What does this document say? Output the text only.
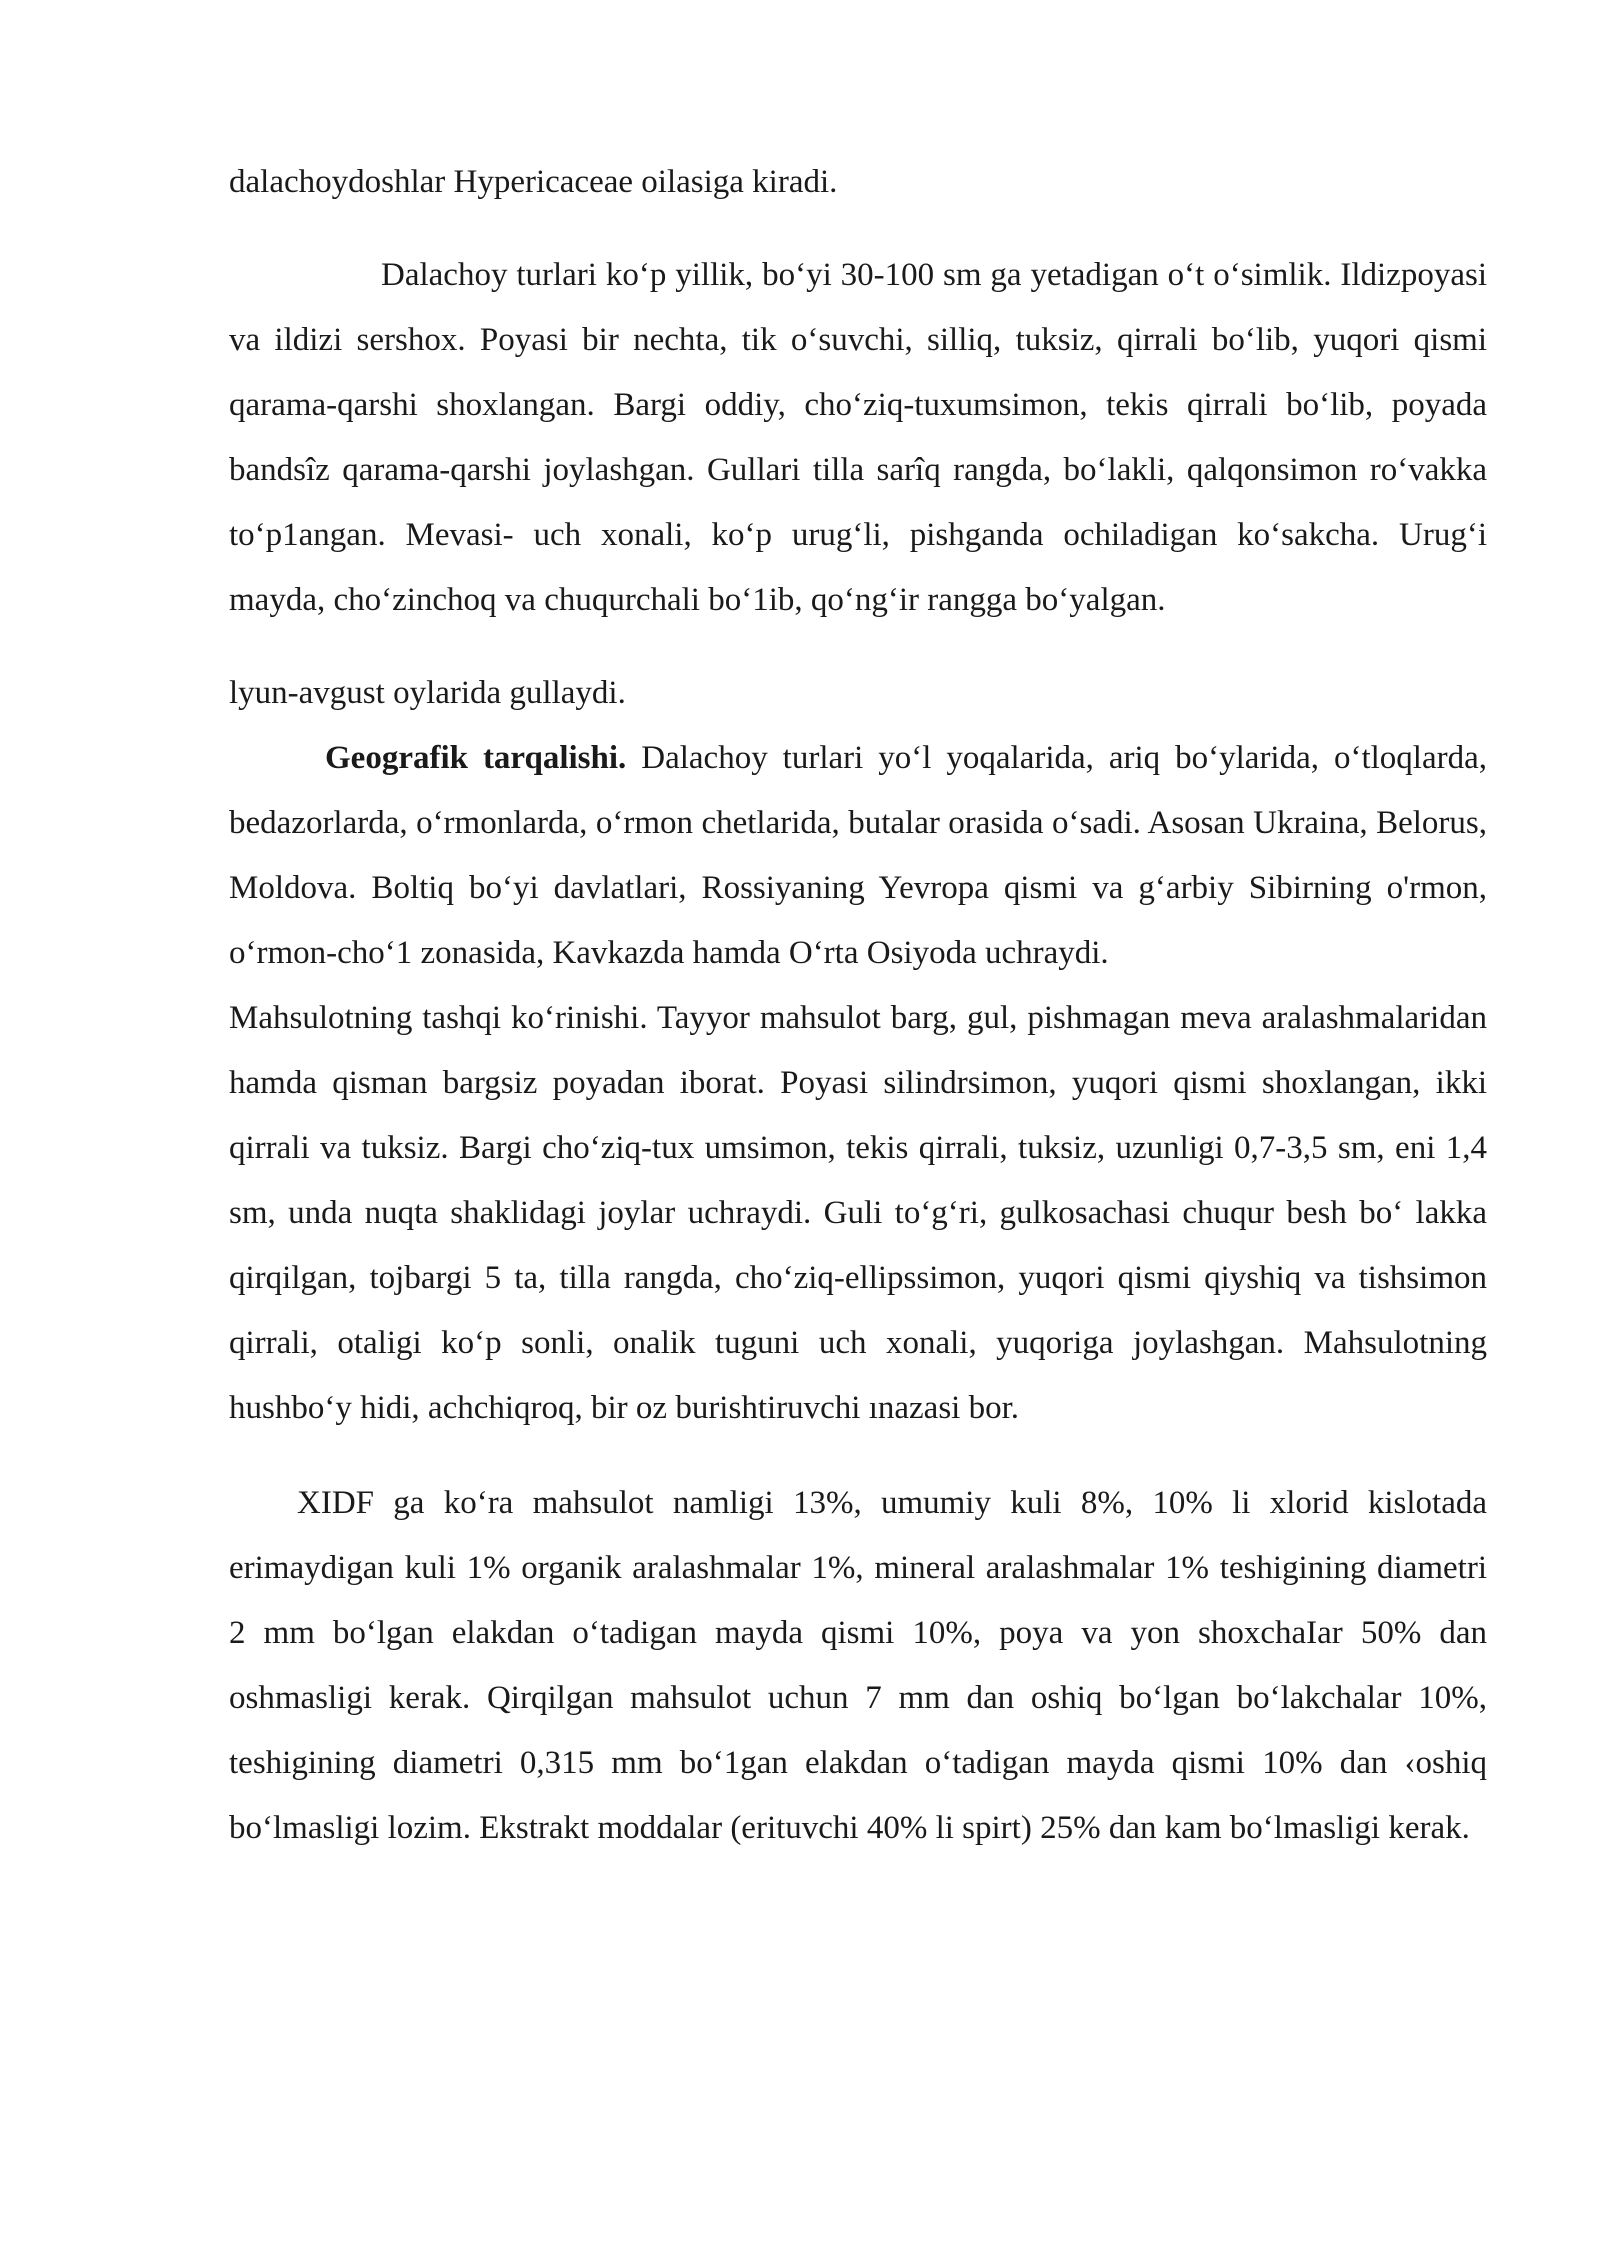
dalachoydoshlar Hypericaceae oilasiga kiradi.

Dalachoy turlari ko‘p yillik, bo‘yi 30-100 sm ga yetadigan o‘t o‘simlik. Ildizpoyasi va ildizi sershox. Poyasi bir nechta, tik o‘suvchi, silliq, tuksiz, qirrali bo‘lib, yuqori qismi qarama-qarshi shoxlangan. Bargi oddiy, cho‘ziq-tuxumsimon, tekis qirrali bo‘lib, poyada bandsîz qarama-qarshi joylashgan. Gullari tilla sarîq rangda, bo‘lakli, qalqonsimon ro‘vakka to‘p1angan. Mevasi- uch xonali, ko‘p urug‘li, pishganda ochiladigan ko‘sakcha. Urug‘i mayda, cho‘zinchoq va chuqurchali bo‘1ib, qo‘ng‘ir rangga bo‘yalgan.

lyun-avgust oylarida gullaydi.

Geografik tarqalishi. Dalachoy turlari yo‘l yoqalarida, ariq bo‘ylarida, o‘tloqlarda, bedazorlarda, o‘rmonlarda, o‘rmon chetlarida, butalar orasida o‘sadi. Asosan Ukraina, Belorus, Moldova. Boltiq bo‘yi davlatlari, Rossiyaning Yevropa qismi va g‘arbiy Sibirning o'rmon, o‘rmon-cho‘1 zonasida, Kavkazda hamda O‘rta Osiyoda uchraydi.

Mahsulotning tashqi ko‘rinishi. Tayyor mahsulot barg, gul, pishmagan meva aralashmalaridan hamda qisman bargsiz poyadan iborat. Poyasi silindrsimon, yuqori qismi shoxlangan, ikki qirrali va tuksiz. Bargi cho‘ziq-tux umsimon, tekis qirrali, tuksiz, uzunligi 0,7-3,5 sm, eni 1,4 sm, unda nuqta shaklidagi joylar uchraydi. Guli to‘g‘ri, gulkosachasi chuqur besh bo‘ lakka qirqilgan, tojbargi 5 ta, tilla rangda, cho‘ziq-ellipssimon, yuqori qismi qiyshiq va tishsimon qirrali, otaligi ko‘p sonli, onalik tuguni uch xonali, yuqoriga joylashgan. Mahsulotning hushbo‘y hidi, achchiqroq, bir oz burishtiruvchi ınazasi bor.

XIDF ga ko‘ra mahsulot namligi 13%, umumiy kuli 8%, 10% li xlorid kislotada erimaydigan kuli 1% organik aralashmalar 1%, mineral aralashmalar 1% teshigining diametri 2 mm bo‘lgan elakdan o‘tadigan mayda qismi 10%, poya va yon shoxchaIar 50% dan oshmasligi kerak. Qirqilgan mahsulot uchun 7 mm dan oshiq bo‘lgan bo‘lakchalar 10%, teshigining diametri 0,315 mm bo‘1gan elakdan o‘tadigan mayda qismi 10% dan ‹oshiq bo‘lmasligi lozim. Ekstrakt moddalar (erituvchi 40% li spirt) 25% dan kam bo‘lmasligi kerak.
